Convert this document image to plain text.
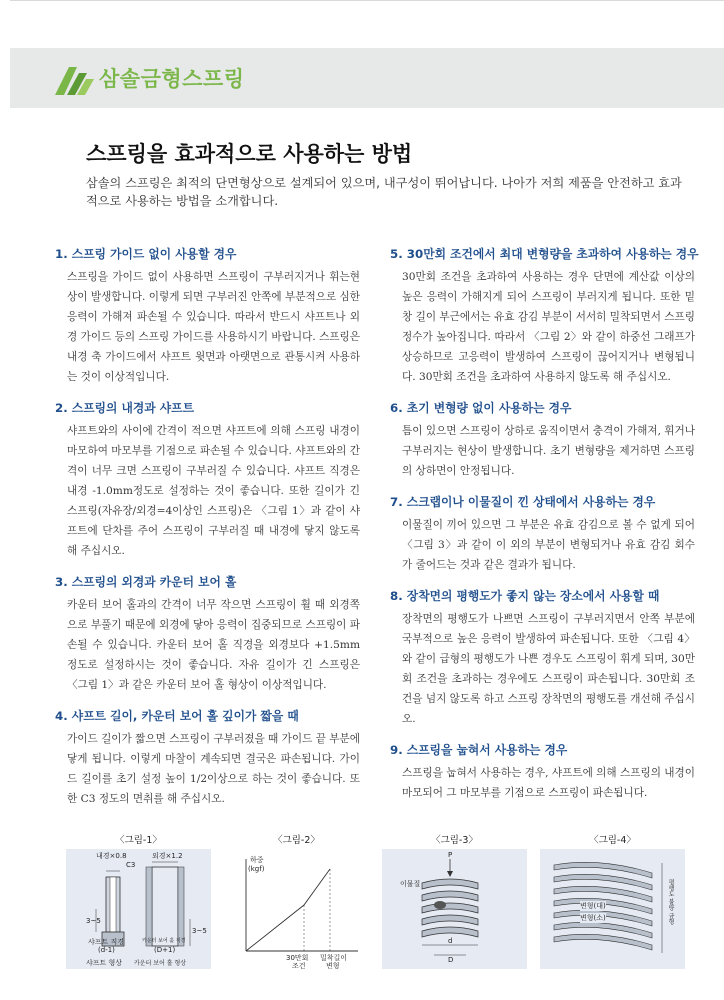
삼솔금형스프링
스프링을 효과적으로 사용하는 방법

삼솔의 스프링은 최적의 단면형상으로 설계되어 있으며, 내구성이 뛰어납니다. 나아가 저희 제품을 안전하고 효과적으로 사용하는 방법을 소개합니다.

1. 스프링 가이드 없이 사용할 경우

스프링을 가이드 없이 사용하면 스프링이 구부러지거나 휘는현상이 발생합니다. 이렇게 되면 구부러진 안쪽에 부분적으로 심한 응력이 가해져 파손될 수 있습니다. 따라서 반드시 샤프트나 외경 가이드 등의 스프링 가이드를 사용하시기 바랍니다. 스프링은 내경 축 가이드에서 샤프트 윗면과 아랫면으로 관통시켜 사용하는 것이 이상적입니다.

2. 스프링의 내경과 샤프트

샤프트와의 사이에 간격이 적으면 샤프트에 의해 스프링 내경이 마모하여 마모부를 기점으로 파손될 수 있습니다. 샤프트와의 간격이 너무 크면 스프링이 구부러질 수 있습니다. 샤프트 직경은 내경 -1.0mm정도로 설정하는 것이 좋습니다. 또한 길이가 긴 스프링(자유장/외경=4이상인 스프링)은 〈그림 1〉과 같이 샤프트에 단차를 주어 스프링이 구부러질 때 내경에 닿지 않도록 해 주십시오.

3. 스프링의 외경과 카운터 보어 홀

카운터 보어 홀과의 간격이 너무 작으면 스프링이 휠 때 외경쪽으로 부풀기 때문에 외경에 닿아 응력이 집중되므로 스프링이 파손될 수 있습니다. 카운터 보어 홀 직경을 외경보다 +1.5mm 정도로 설정하시는 것이 좋습니다. 자유 길이가 긴 스프링은 〈그림 1〉과 같은 카운터 보어 홀 형상이 이상적입니다.

4. 샤프트 길이, 카운터 보어 홀 깊이가 짧을 때

가이드 길이가 짧으면 스프링이 구부러졌을 때 가이드 끝 부분에 닿게 됩니다. 이렇게 마찰이 계속되면 결국은 파손됩니다. 가이드 길이를 초기 설정 높이 1/2이상으로 하는 것이 좋습니다. 또한 C3 정도의 면취를 해 주십시오.

5. 30만회 조건에서 최대 변형량을 초과하여 사용하는 경우

30만회 조건을 초과하여 사용하는 경우 단면에 계산값 이상의 높은 응력이 가해지게 되어 스프링이 부러지게 됩니다. 또한 밑창 길이 부근에서는 유효 감김 부분이 서서히 밀착되면서 스프링 정수가 높아집니다. 따라서 〈그림 2〉와 같이 하중선 그래프가 상승하므로 고응력이 발생하여 스프링이 끊어지거나 변형됩니다. 30만회 조건을 초과하여 사용하지 않도록 해 주십시오.

6. 초기 변형량 없이 사용하는 경우

틈이 있으면 스프링이 상하로 움직이면서 충격이 가해져, 휘거나 구부러지는 현상이 발생합니다. 초기 변형량을 제거하면 스프링의 상하면이 안정됩니다.

7. 스크랩이나 이물질이 낀 상태에서 사용하는 경우

이물질이 끼어 있으면 그 부분은 유효 감김으로 볼 수 없게 되어 〈그림 3〉과 같이 이 외의 부분이 변형되거나 유효 감김 회수가 줄어드는 것과 같은 결과가 됩니다.

8. 장착면의 평행도가 좋지 않는 장소에서 사용할 때

장착면의 평행도가 나쁘면 스프링이 구부러지면서 안쪽 부분에 국부적으로 높은 응력이 발생하여 파손됩니다. 또한 〈그림 4〉와 같이 급형의 평행도가 나쁜 경우도 스프링이 휘게 되며, 30만회 조건을 초과하는 경우에도 스프링이 파손됩니다. 30만회 조건을 넘지 않도록 하고 스프링 장착면의 평행도를 개선해 주십시오.

9. 스프링을 눕혀서 사용하는 경우

스프링을 눕혀서 사용하는 경우, 샤프트에 의해 스프링의 내경이 마모되어 그 마모부를 기점으로 스프링이 파손됩니다.

〈그림-1〉
내경×0.8	외경×1.2
C3
3~5
3~5
샤프트 직경
(d-1)
카운터 보어 홀 직경
(D+1)
샤프트 형상 카운터 보어 홀 형상
〈그림-2〉
하중
(kgf)
30만회
조건
밀착길이
변형
〈그림-3〉
P
이물질
d
D
〈그림-4〉
변형(대)
변형(소)	평행도 불량 금형
